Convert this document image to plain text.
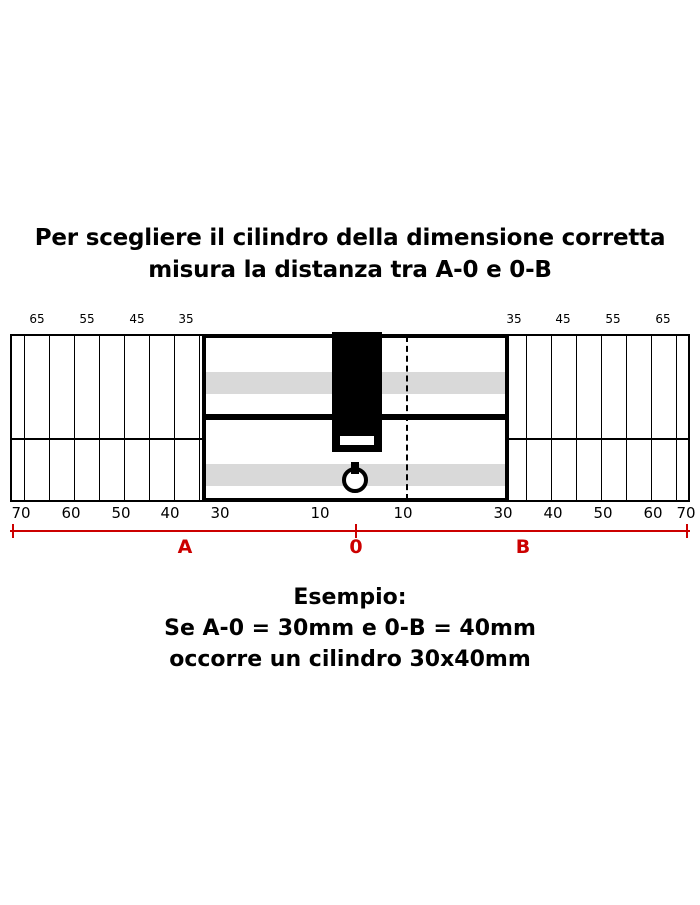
Per scegliere il cilindro della dimensione corretta
misura la distanza tra A-0 e 0-B
65	55	45	35	35	45	55	65
70	60	50	40	30	10	10	30	40	50	60 70
A	0	B
Esempio:
Se A-0 = 30mm e 0-B = 40mm
occorre un cilindro 30x40mm
